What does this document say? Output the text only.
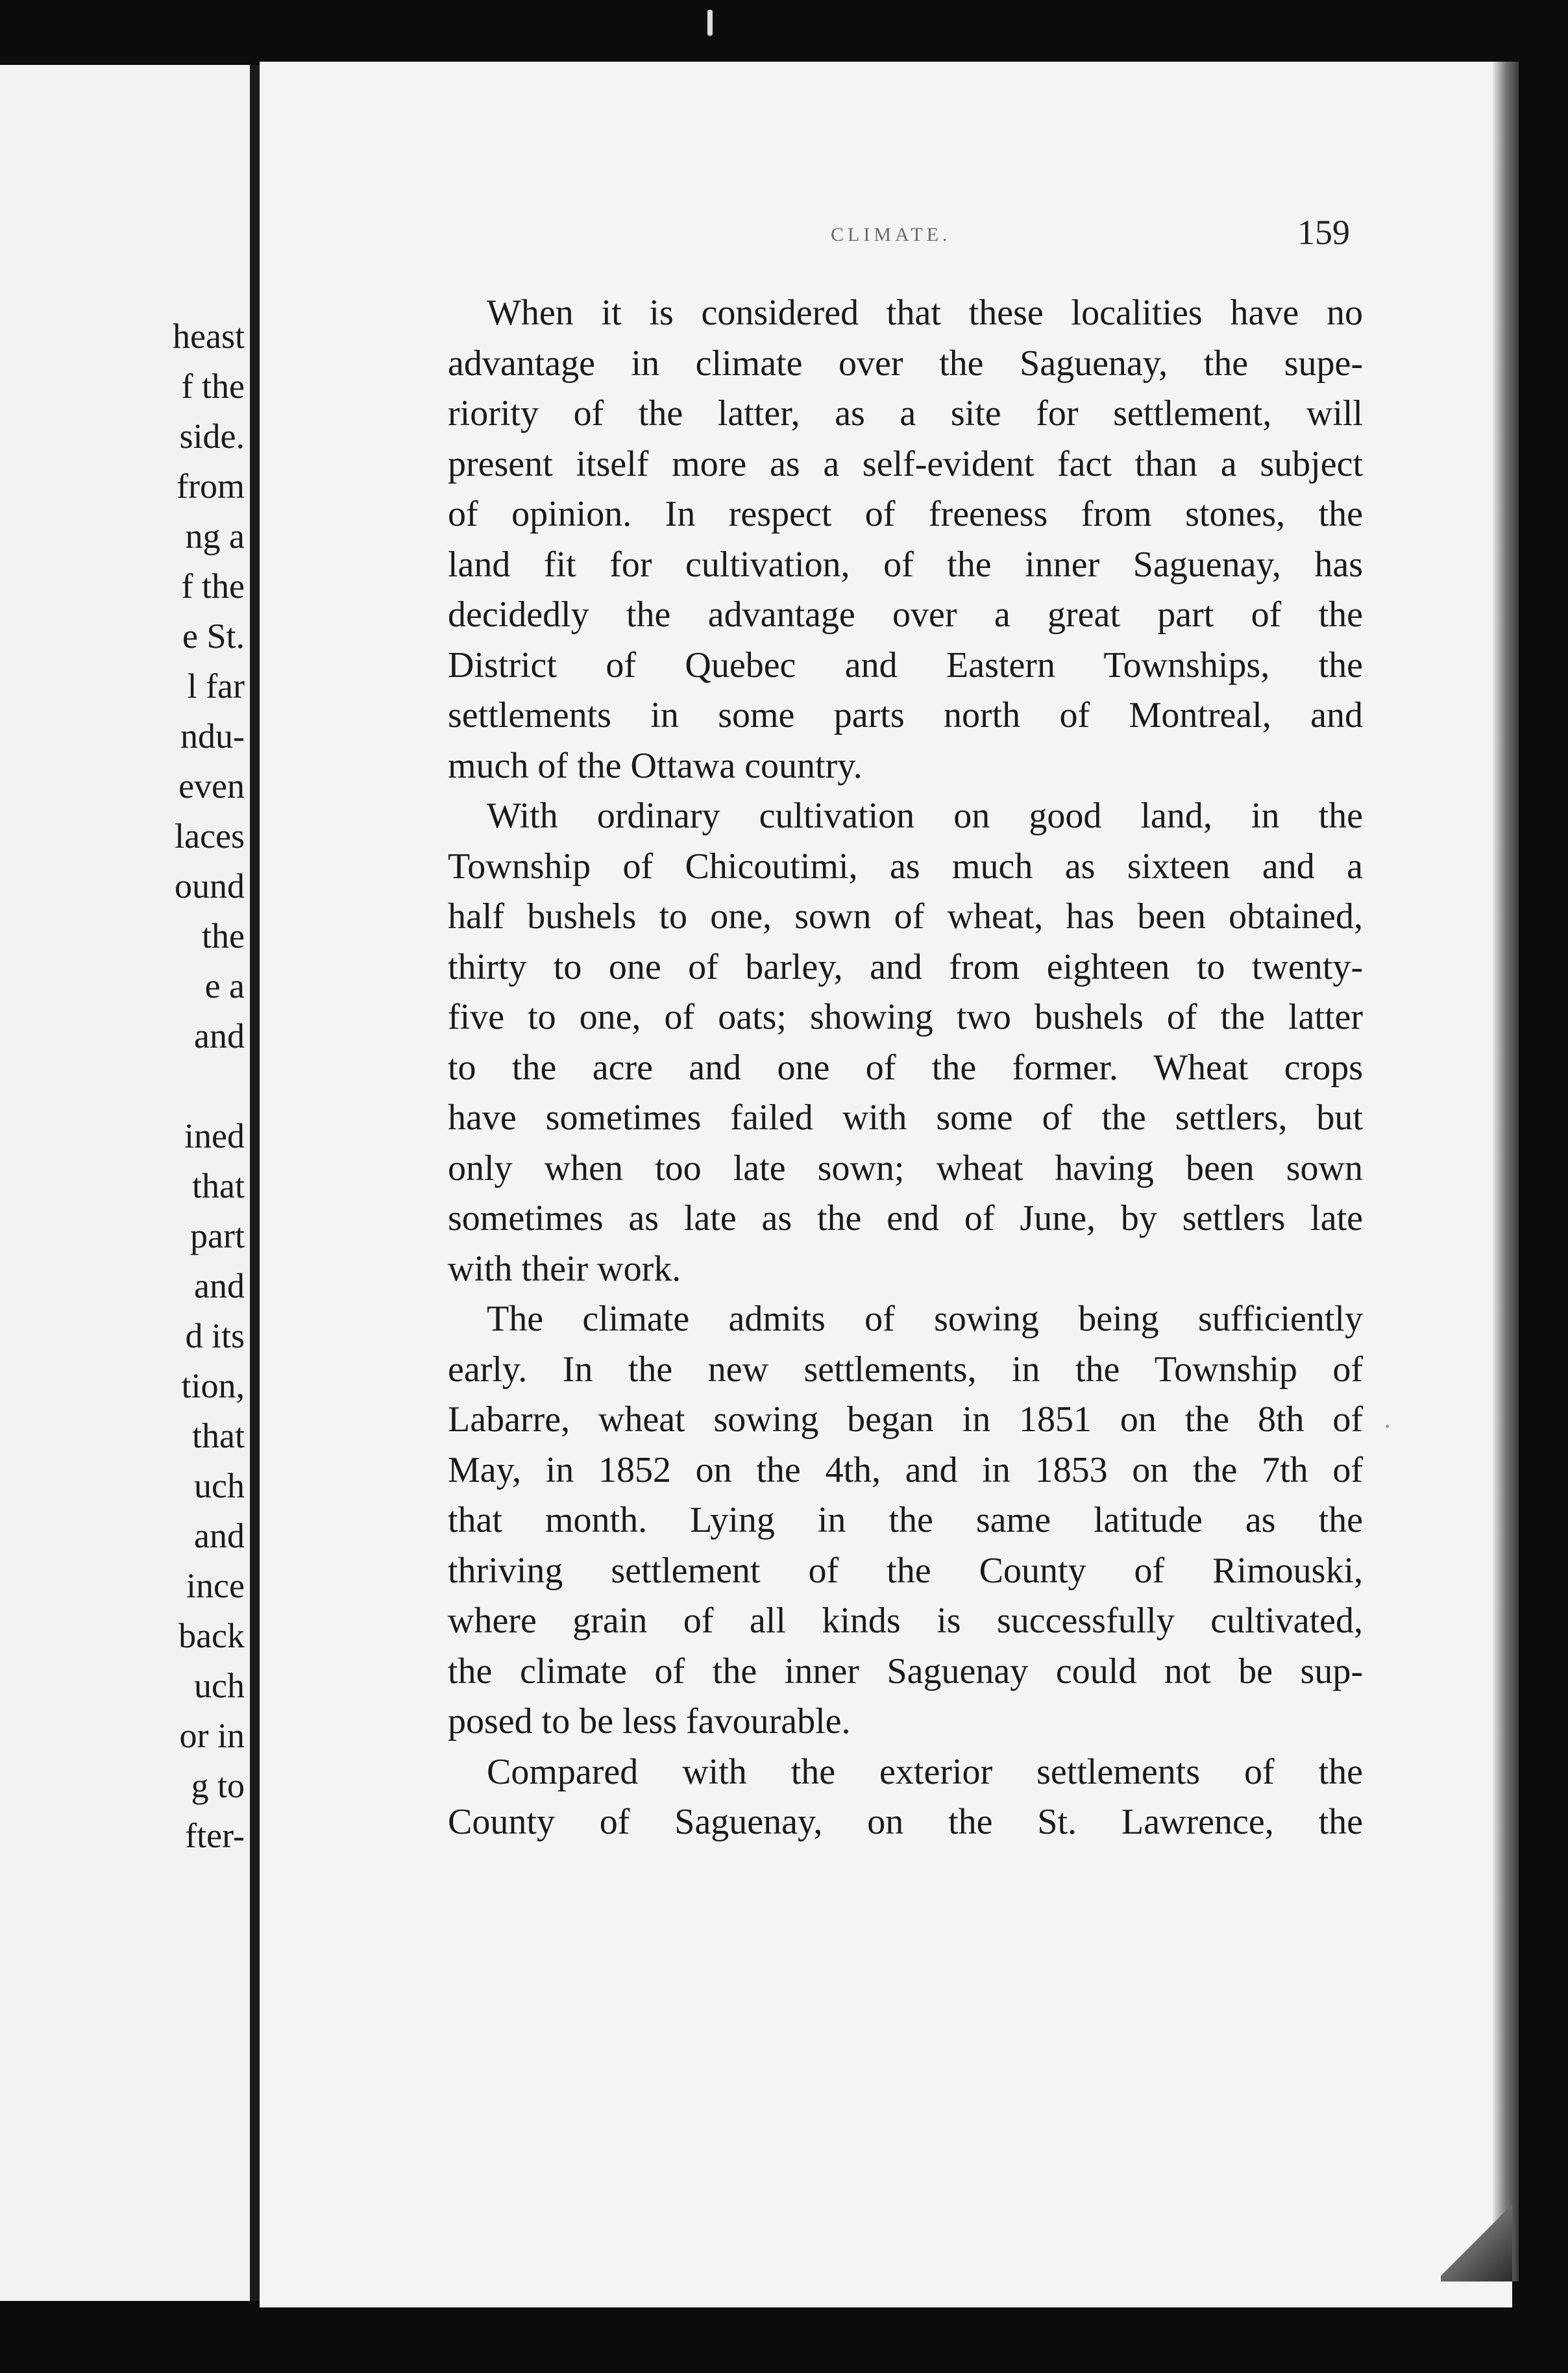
heast
f the
side.
from
ng a
f the
e St.
l far
ndu-
even
laces
ound
the
e a
and
ined
that
part
and
d its
tion,
that
uch
and
ince
back
uch
or in
g to
fter-
CLIMATE.	159

When it is considered that these localities have no
advantage in climate over the Saguenay, the supe-
riority of the latter, as a site for settlement, will
present itself more as a self-evident fact than a subject
of opinion. In respect of freeness from stones, the
land fit for cultivation, of the inner Saguenay, has
decidedly the advantage over a great part of the
District of Quebec and Eastern Townships, the
settlements in some parts north of Montreal, and
much of the Ottawa country.

With ordinary cultivation on good land, in the
Township of Chicoutimi, as much as sixteen and a
half bushels to one, sown of wheat, has been obtained,
thirty to one of barley, and from eighteen to twenty-
five to one, of oats; showing two bushels of the latter
to the acre and one of the former. Wheat crops
have sometimes failed with some of the settlers, but
only when too late sown; wheat having been sown
sometimes as late as the end of June, by settlers late
with their work.

The climate admits of sowing being sufficiently
early. In the new settlements, in the Township of
Labarre, wheat sowing began in 1851 on the 8th of
May, in 1852 on the 4th, and in 1853 on the 7th of
that month. Lying in the same latitude as the
thriving settlement of the County of Rimouski,
where grain of all kinds is successfully cultivated,
the climate of the inner Saguenay could not be sup-
posed to be less favourable.

Compared with the exterior settlements of the
County of Saguenay, on the St. Lawrence, the
